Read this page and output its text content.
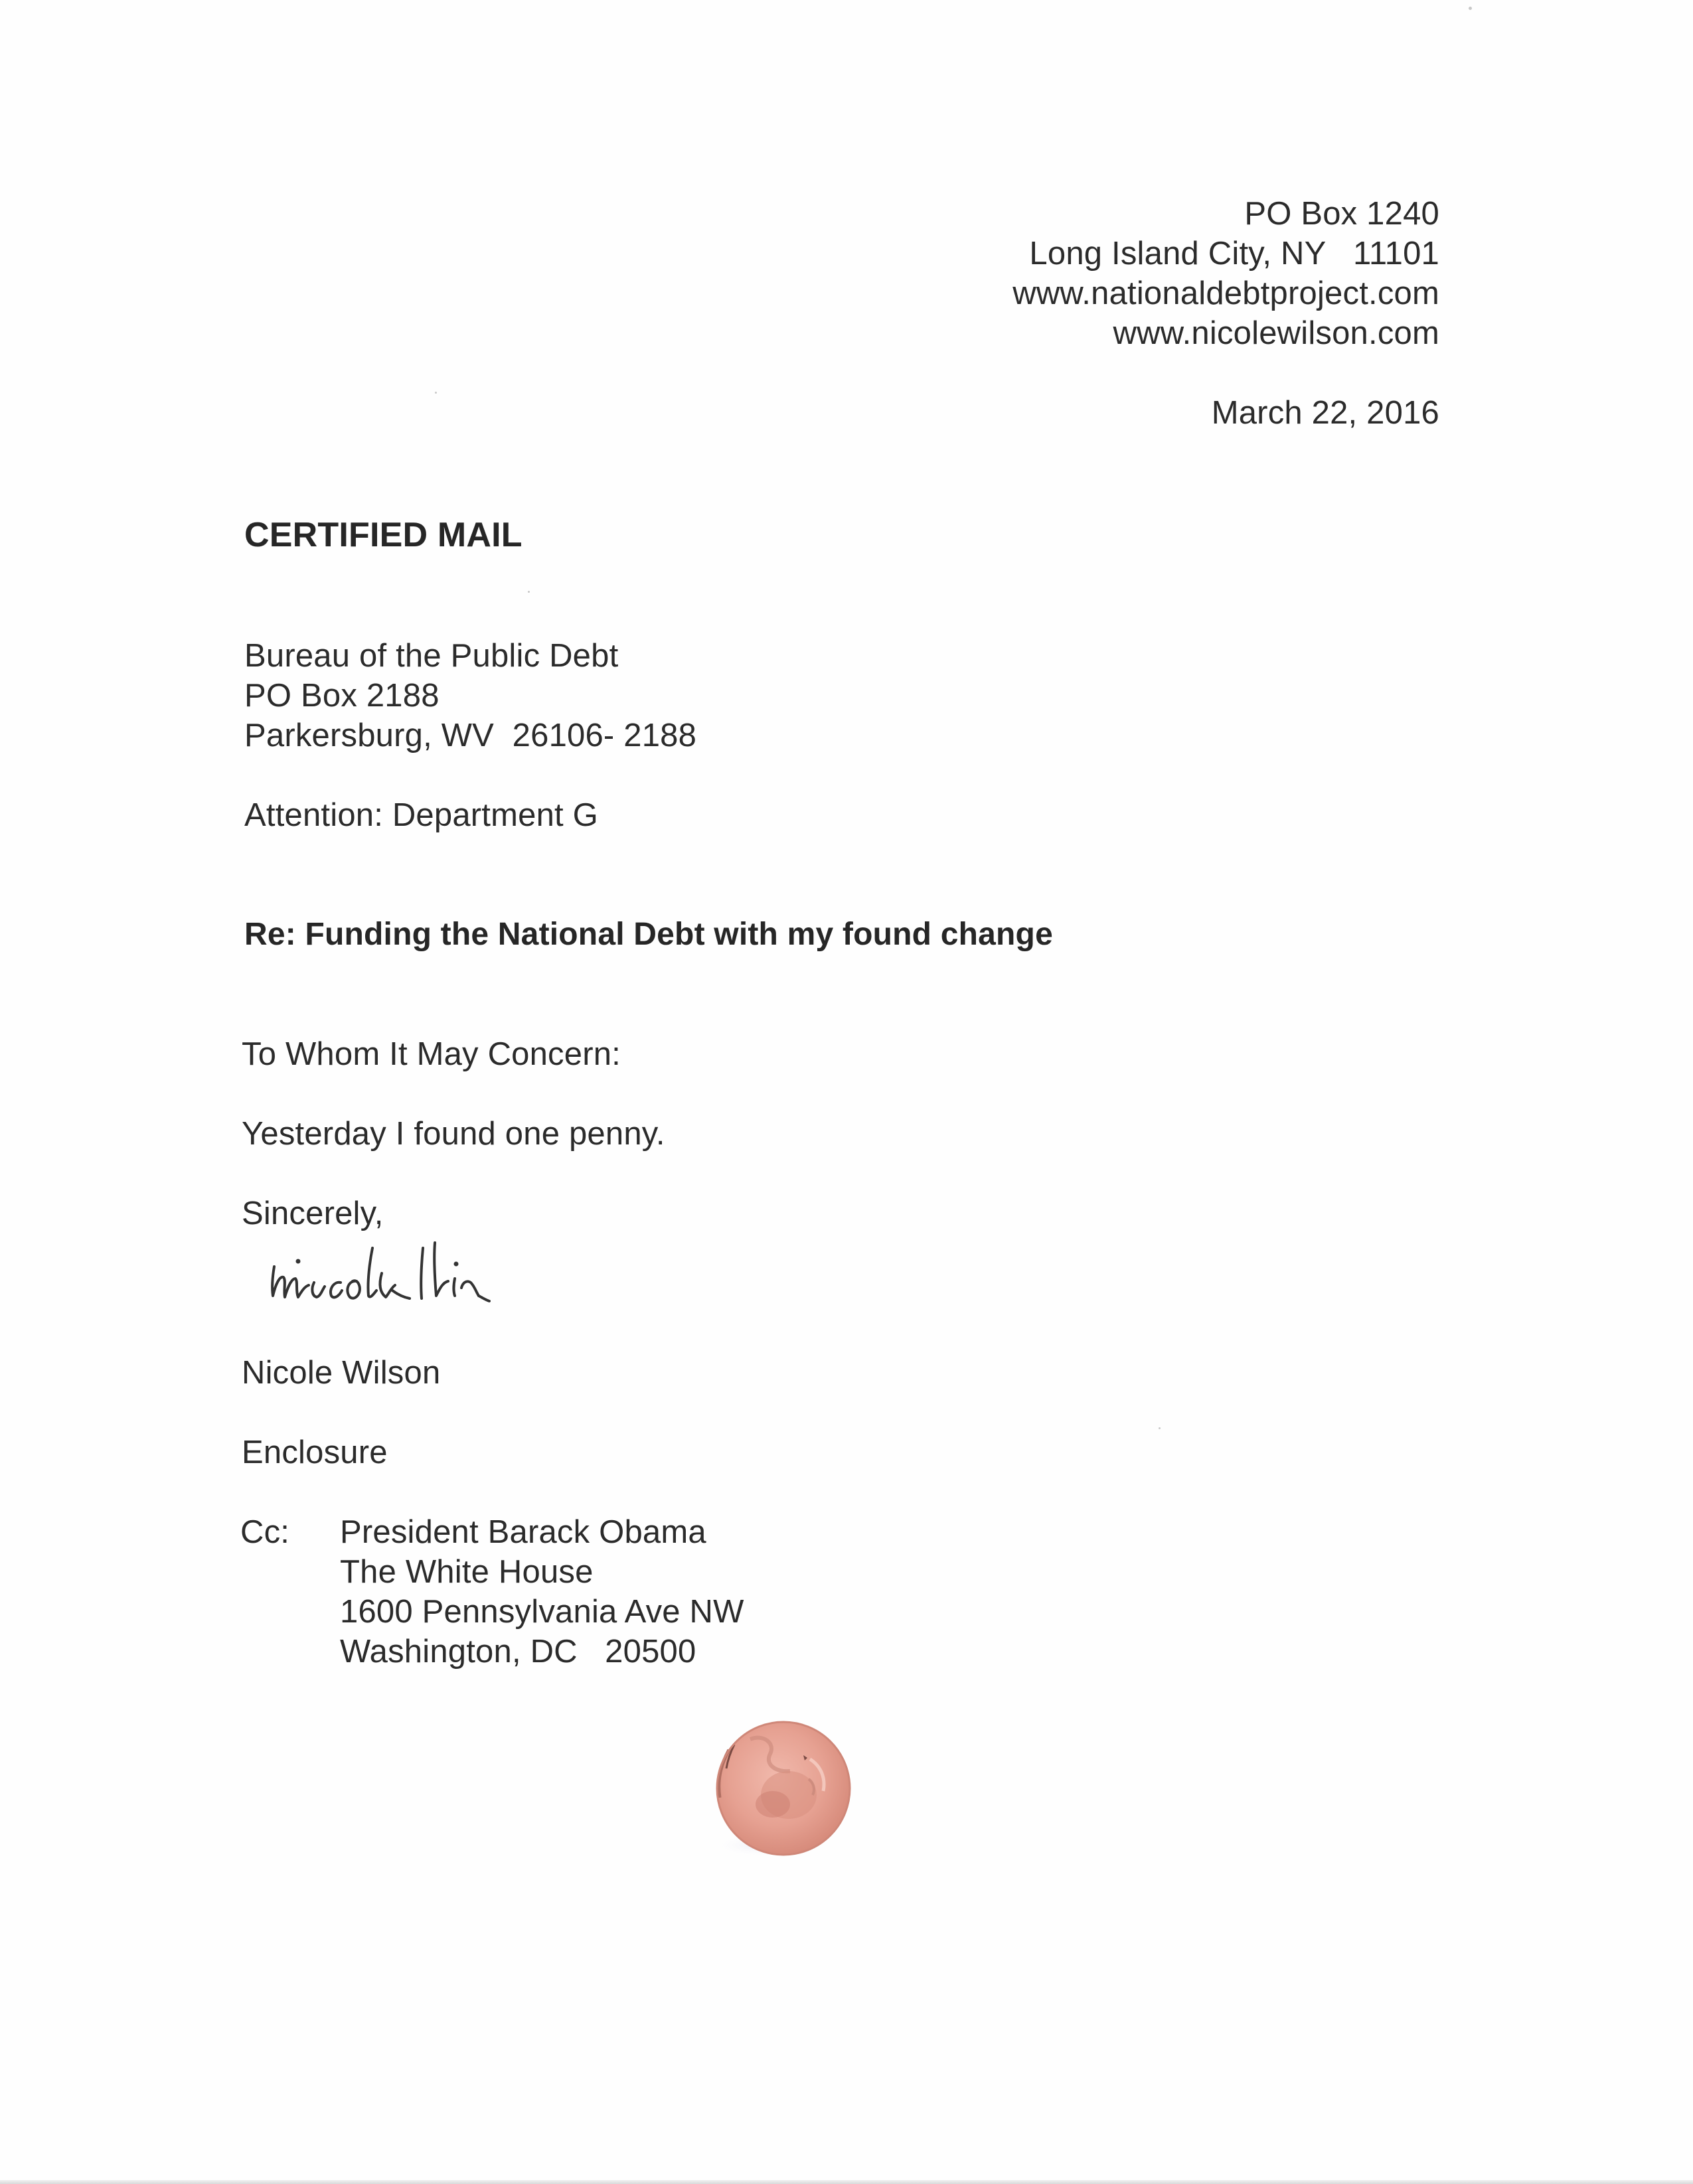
PO Box 1240
Long Island City, NY   11101
www.nationaldebtproject.com
www.nicolewilson.com
March 22, 2016
CERTIFIED MAIL
Bureau of the Public Debt
PO Box 2188
Parkersburg, WV  26106- 2188
Attention: Department G
Re: Funding the National Debt with my found change
To Whom It May Concern:
Yesterday I found one penny.
Sincerely,
Nicole Wilson
Enclosure
Cc: President Barack Obama
The White House
1600 Pennsylvania Ave NW
Washington, DC   20500
